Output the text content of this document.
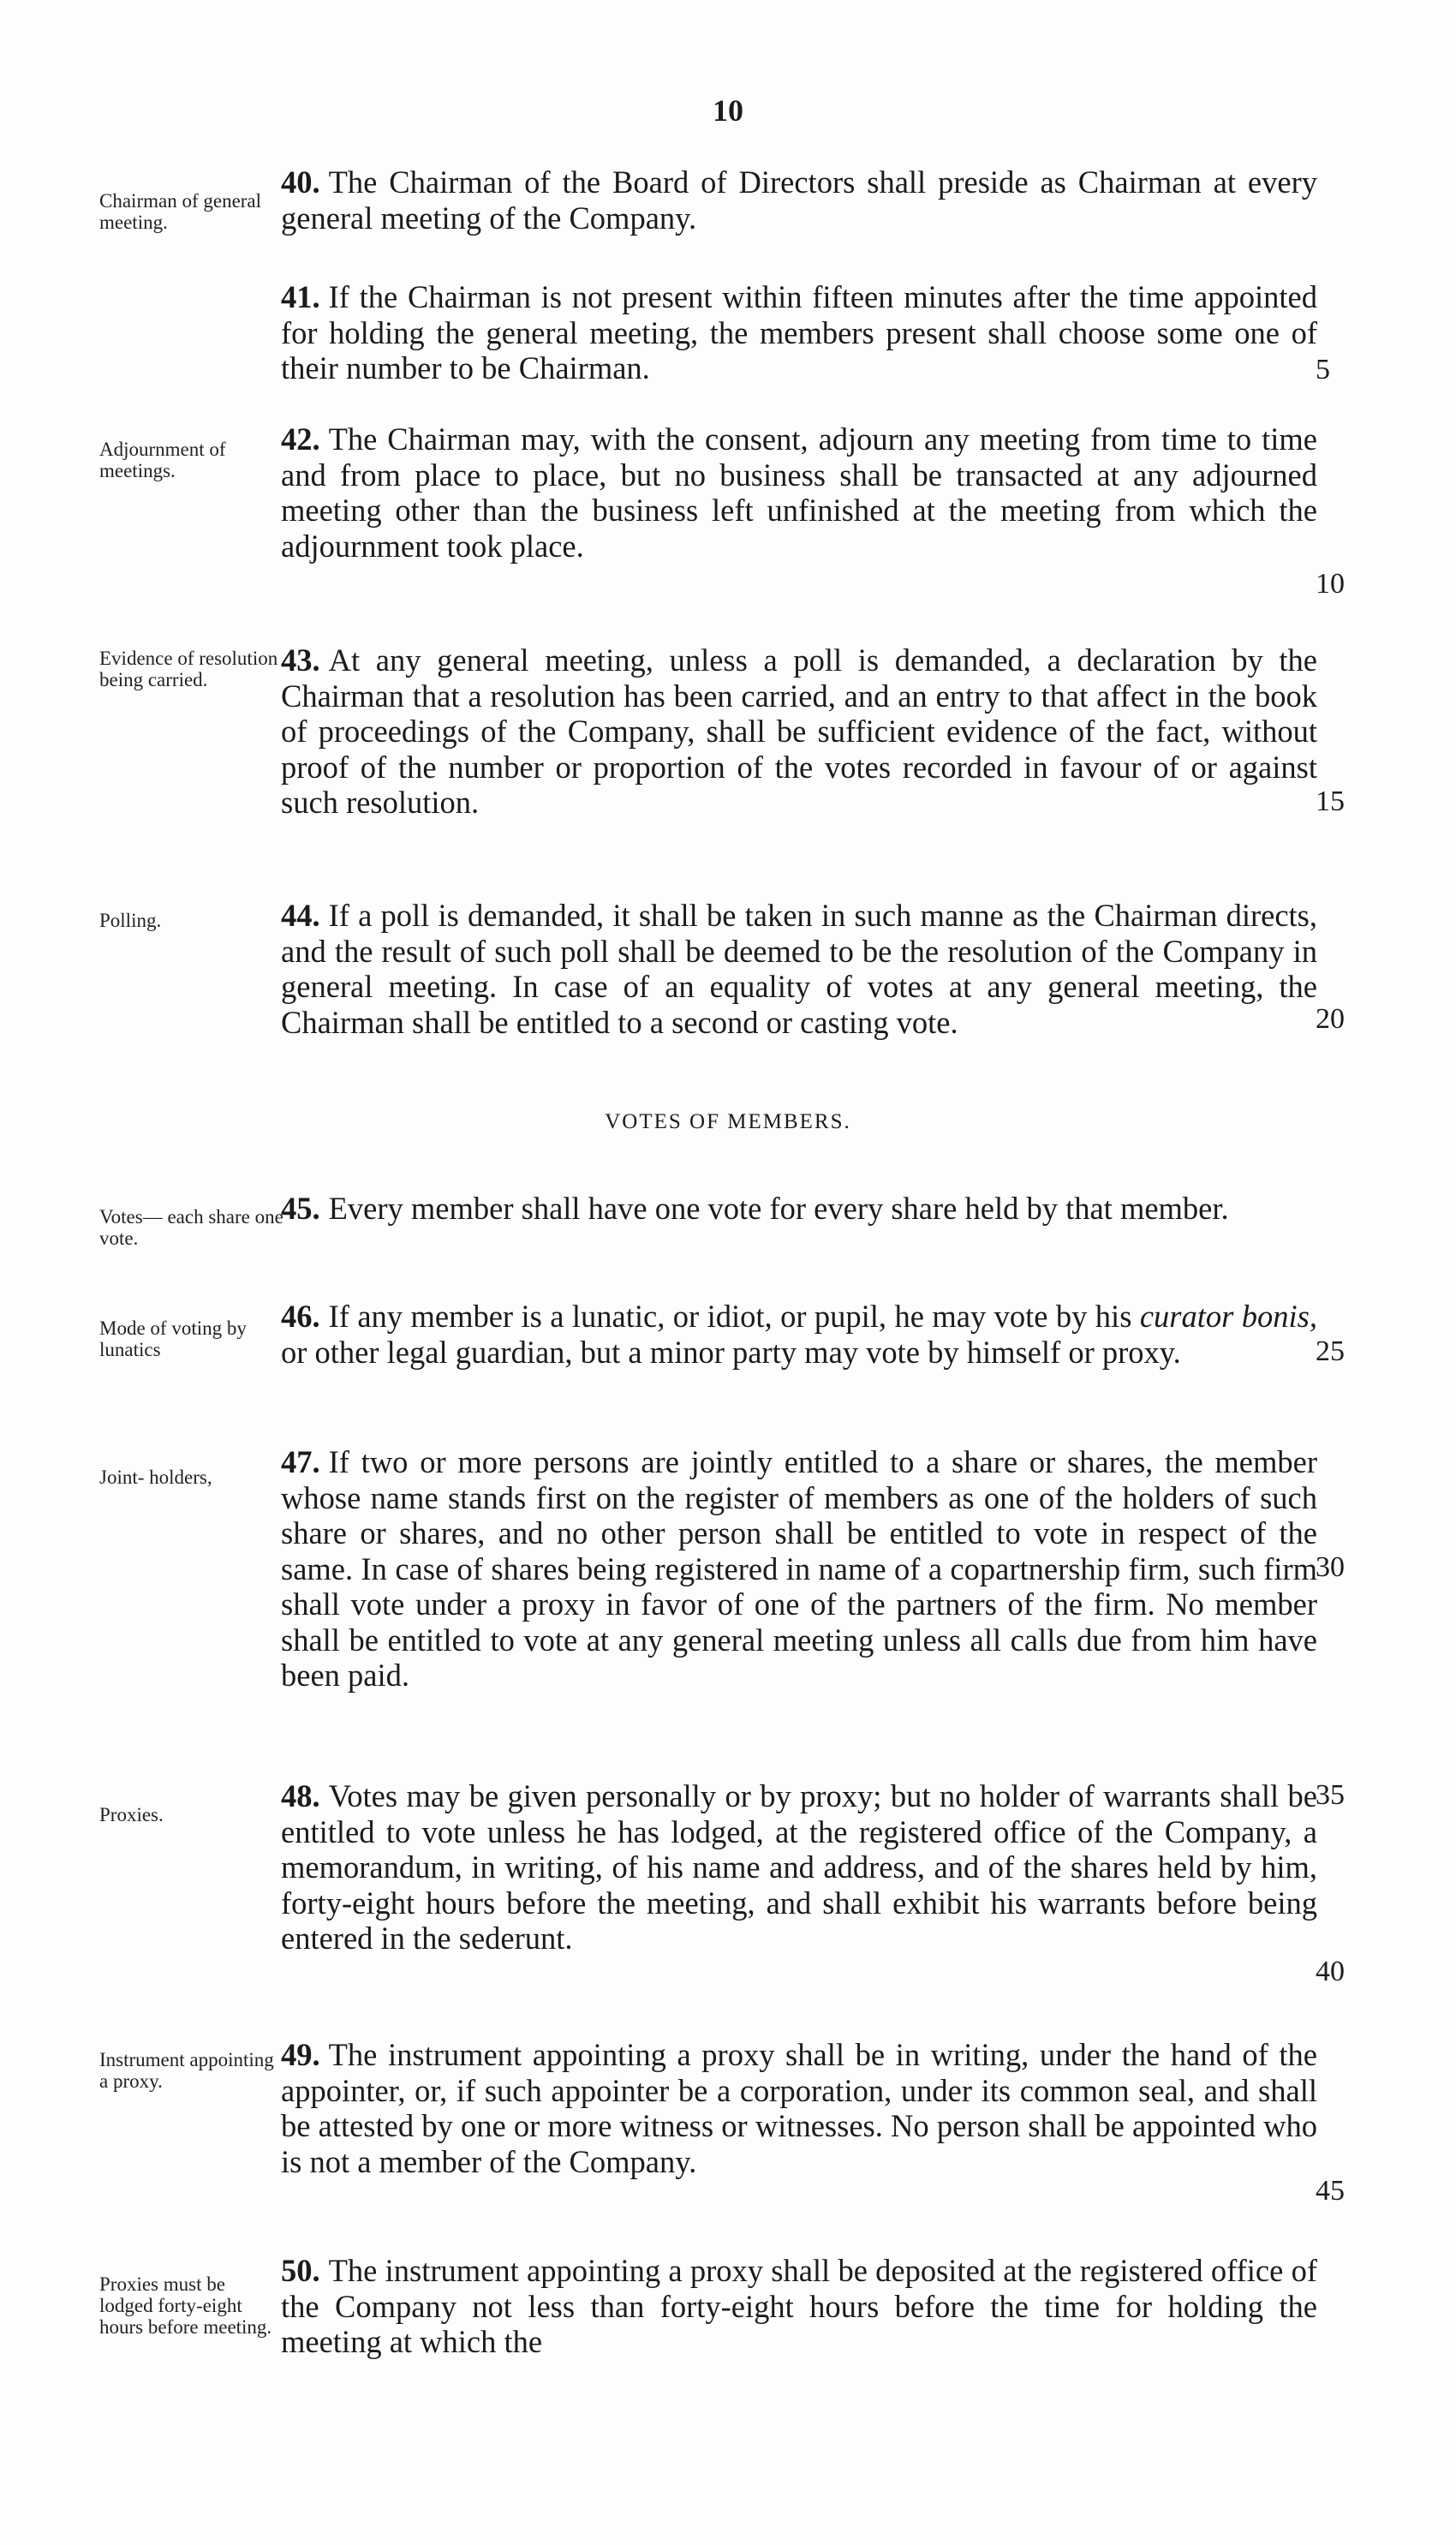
10
Chairman of general meeting.
Adjournment of meetings.
Evidence of resolution being carried.
Polling.
Votes— each share one vote.
Mode of voting by lunatics
Joint- holders,
Proxies.
Instrument appointing a proxy.
Proxies must be lodged forty-eight hours before meeting.
40. The Chairman of the Board of Directors shall preside as Chairman at every general meeting of the Company.
41. If the Chairman is not present within fifteen minutes after the time appointed for holding the general meeting, the members present shall choose some one of their number to be Chairman.
42. The Chairman may, with the consent, adjourn any meeting from time to time and from place to place, but no business shall be transacted at any adjourned meeting other than the business left unfinished at the meeting from which the adjournment took place.
43. At any general meeting, unless a poll is demanded, a declaration by the Chairman that a resolution has been carried, and an entry to that affect in the book of proceedings of the Company, shall be sufficient evidence of the fact, without proof of the number or proportion of the votes recorded in favour of or against such resolution.
44. If a poll is demanded, it shall be taken in such manne as the Chairman directs, and the result of such poll shall be deemed to be the resolution of the Company in general meeting. In case of an equality of votes at any general meeting, the Chairman shall be entitled to a second or casting vote.
VOTES OF MEMBERS.
45. Every member shall have one vote for every share held by that member.
46. If any member is a lunatic, or idiot, or pupil, he may vote by his curator bonis, or other legal guardian, but a minor party may vote by himself or proxy.
47. If two or more persons are jointly entitled to a share or shares, the member whose name stands first on the register of members as one of the holders of such share or shares, and no other person shall be entitled to vote in respect of the same. In case of shares being registered in name of a copartnership firm, such firm shall vote under a proxy in favor of one of the partners of the firm. No member shall be entitled to vote at any general meeting unless all calls due from him have been paid.
48. Votes may be given personally or by proxy; but no holder of warrants shall be entitled to vote unless he has lodged, at the registered office of the Company, a memorandum, in writing, of his name and address, and of the shares held by him, forty-eight hours before the meeting, and shall exhibit his warrants before being entered in the sederunt.
49. The instrument appointing a proxy shall be in writing, under the hand of the appointer, or, if such appointer be a corporation, under its common seal, and shall be attested by one or more witness or witnesses. No person shall be appointed who is not a member of the Company.
50. The instrument appointing a proxy shall be deposited at the registered office of the Company not less than forty-eight hours before the time for holding the meeting at which the
5
10
15
20
25
30
35
40
45
